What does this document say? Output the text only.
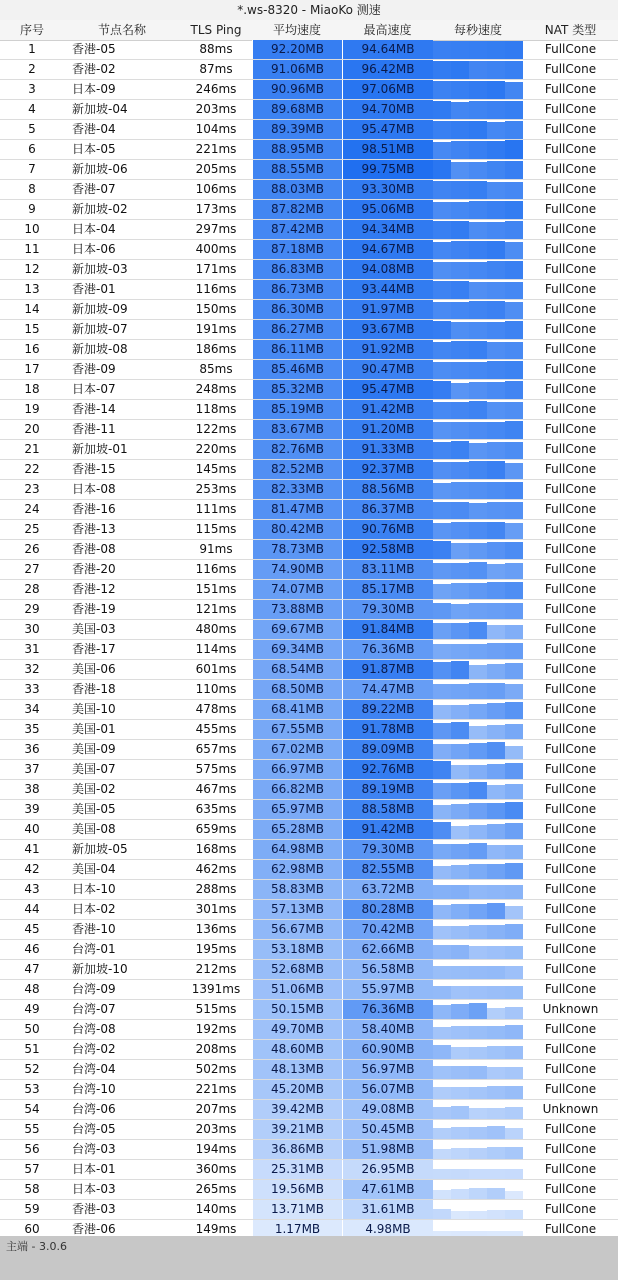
*.ws-8320 - MiaoKo 测速
序号	节点名称	TLS Ping	平均速度	最高速度	每秒速度	NAT 类型
1	香港-05	88ms	92.20MB	94.64MB	FullCone
2	香港-02	87ms	91.06MB	96.42MB	FullCone
3	日本-09	246ms	90.96MB	97.06MB	FullCone
4	新加坡-04	203ms	89.68MB	94.70MB	FullCone
5	香港-04	104ms	89.39MB	95.47MB	FullCone
6	日本-05	221ms	88.95MB	98.51MB	FullCone
7	新加坡-06	205ms	88.55MB	99.75MB	FullCone
8	香港-07	106ms	88.03MB	93.30MB	FullCone
9	新加坡-02	173ms	87.82MB	95.06MB	FullCone
10	日本-04	297ms	87.42MB	94.34MB	FullCone
11	日本-06	400ms	87.18MB	94.67MB	FullCone
12	新加坡-03	171ms	86.83MB	94.08MB	FullCone
13	香港-01	116ms	86.73MB	93.44MB	FullCone
14	新加坡-09	150ms	86.30MB	91.97MB	FullCone
15	新加坡-07	191ms	86.27MB	93.67MB	FullCone
16	新加坡-08	186ms	86.11MB	91.92MB	FullCone
17	香港-09	85ms	85.46MB	90.47MB	FullCone
18	日本-07	248ms	85.32MB	95.47MB	FullCone
19	香港-14	118ms	85.19MB	91.42MB	FullCone
20	香港-11	122ms	83.67MB	91.20MB	FullCone
21	新加坡-01	220ms	82.76MB	91.33MB	FullCone
22	香港-15	145ms	82.52MB	92.37MB	FullCone
23	日本-08	253ms	82.33MB	88.56MB	FullCone
24	香港-16	111ms	81.47MB	86.37MB	FullCone
25	香港-13	115ms	80.42MB	90.76MB	FullCone
26	香港-08	91ms	78.73MB	92.58MB	FullCone
27	香港-20	116ms	74.90MB	83.11MB	FullCone
28	香港-12	151ms	74.07MB	85.17MB	FullCone
29	香港-19	121ms	73.88MB	79.30MB	FullCone
30	美国-03	480ms	69.67MB	91.84MB	FullCone
31	香港-17	114ms	69.34MB	76.36MB	FullCone
32	美国-06	601ms	68.54MB	91.87MB	FullCone
33	香港-18	110ms	68.50MB	74.47MB	FullCone
34	美国-10	478ms	68.41MB	89.22MB	FullCone
35	美国-01	455ms	67.55MB	91.78MB	FullCone
36	美国-09	657ms	67.02MB	89.09MB	FullCone
37	美国-07	575ms	66.97MB	92.76MB	FullCone
38	美国-02	467ms	66.82MB	89.19MB	FullCone
39	美国-05	635ms	65.97MB	88.58MB	FullCone
40	美国-08	659ms	65.28MB	91.42MB	FullCone
41	新加坡-05	168ms	64.98MB	79.30MB	FullCone
42	美国-04	462ms	62.98MB	82.55MB	FullCone
43	日本-10	288ms	58.83MB	63.72MB	FullCone
44	日本-02	301ms	57.13MB	80.28MB	FullCone
45	香港-10	136ms	56.67MB	70.42MB	FullCone
46	台湾-01	195ms	53.18MB	62.66MB	FullCone
47	新加坡-10	212ms	52.68MB	56.58MB	FullCone
48	台湾-09	1391ms	51.06MB	55.97MB	FullCone
49	台湾-07	515ms	50.15MB	76.36MB	Unknown
50	台湾-08	192ms	49.70MB	58.40MB	FullCone
51	台湾-02	208ms	48.60MB	60.90MB	FullCone
52	台湾-04	502ms	48.13MB	56.97MB	FullCone
53	台湾-10	221ms	45.20MB	56.07MB	FullCone
54	台湾-06	207ms	39.42MB	49.08MB	Unknown
55	台湾-05	203ms	39.21MB	50.45MB	FullCone
56	台湾-03	194ms	36.86MB	51.98MB	FullCone
57	日本-01	360ms	25.31MB	26.95MB	FullCone
58	日本-03	265ms	19.56MB	47.61MB	FullCone
59	香港-03	140ms	13.71MB	31.61MB	FullCone
60	香港-06	149ms	1.17MB	4.98MB	FullCone
主端 - 3.0.6
